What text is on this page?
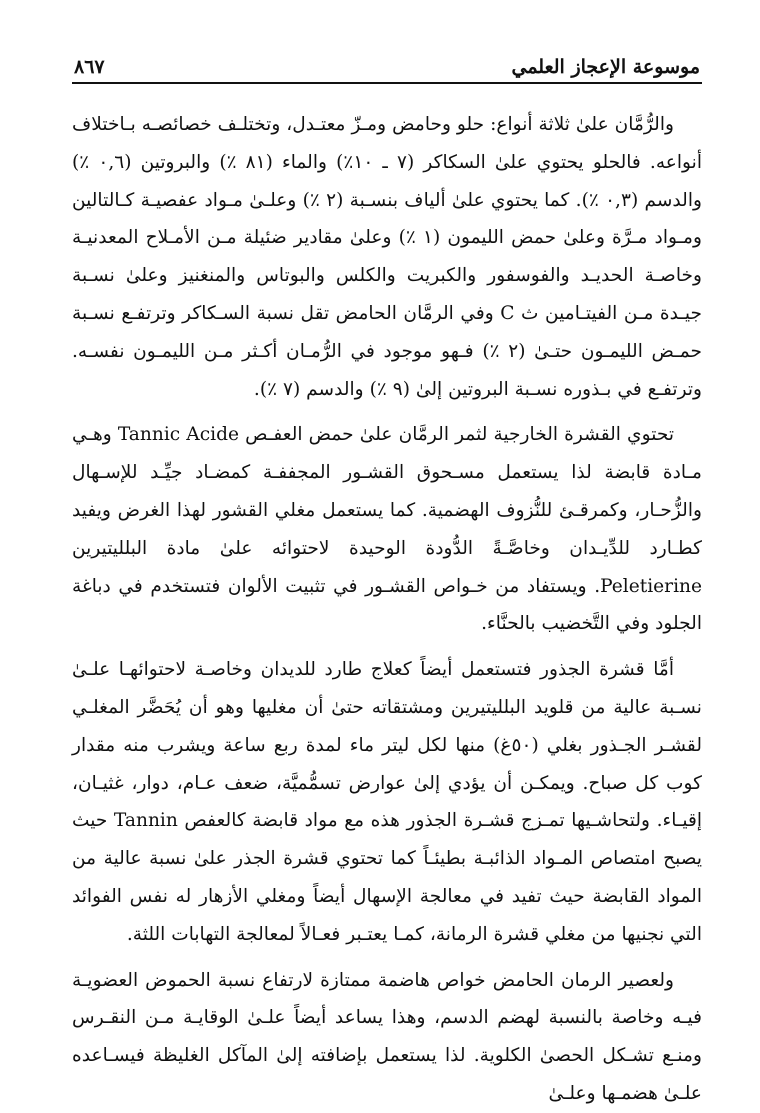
موسوعة الإعجاز العلمي
٨٦٧

والرُّمَّان علىٰ ثلاثة أنواع: حلو وحامض ومـزّ معتـدل، وتختلـف خصائصـه بـاختلاف أنواعه. فالحلو يحتوي علىٰ السكاكر (٧ ـ ١٠٪) والماء (٨١ ٪) والبروتين (٠,٦ ٪) والدسم (٠,٣ ٪). كما يحتوي علىٰ ألياف بنسـبة (٢ ٪) وعلـىٰ مـواد عفصيـة كـالتالين ومـواد مـرَّة وعلىٰ حمض الليمون (١ ٪) وعلىٰ مقادير ضئيلة مـن الأمـلاح المعدنيـة وخاصـة الحديـد والفوسفور والكبريت والكلس والبوتاس والمنغنيز وعلىٰ نسـبة جيـدة مـن الفيتـامين ث C وفي الرمَّان الحامض تقل نسبة السـكاكر وترتفـع نسـبة حمـض الليمـون حتـىٰ (٢ ٪) فـهو موجود في الرُّمـان أكـثر مـن الليمـون نفسـه. وترتفـع في بـذوره نسـبة البروتين إلىٰ (٩ ٪) والدسم (٧ ٪).

تحتوي القشرة الخارجية لثمر الرمَّان علىٰ حمض العفـص Tannic Acide وهـي مـادة قابضة لذا يستعمل مسـحوق القشـور المجففـة كمضـاد جيِّـد للإسـهال والزُّحـار، وكمرقـئ للنُّزوف الهضمية. كما يستعمل مغلي القشور لهذا الغرض ويفيد كطـارد للدِّيـدان وخاصَّـةً الدُّودة الوحيدة لاحتوائه علىٰ مادة البلليتيرين Peletierine. ويستفاد من خـواص القشـور في تثبيت الألوان فتستخدم في دباغة الجلود وفي التَّخضيب بالحنَّاء.

أمَّا قشرة الجذور فتستعمل أيضاً كعلاج طارد للديدان وخاصـة لاحتوائهـا علـىٰ نسـبة عالية من قلويد البلليتيرين ومشتقاته حتىٰ أن مغليها وهو أن يُحَضَّر المغلـي لقشـر الجـذور بغلي (٥٠غ) منها لكل ليتر ماء لمدة ربع ساعة ويشرب منه مقدار كوب كل صباح. ويمكـن أن يؤدي إلىٰ عوارض تسمُّميَّة، ضعف عـام، دوار، غثيـان، إقيـاء. ولتحاشـيها تمـزج قشـرة الجذور هذه مع مواد قابضة كالعفص Tannin حيث يصبح امتصاص المـواد الذائبـة بطيئـاً كما تحتوي قشرة الجذر علىٰ نسبة عالية من المواد القابضة حيث تفيد في معالجة الإسهال أيضاً ومغلي الأزهار له نفس الفوائد التي نجنيها من مغلي قشرة الرمانة، كمـا يعتـبر فعـالاً لمعالجة التهابات اللثة.

ولعصير الرمان الحامض خواص هاضمة ممتازة لارتفاع نسبة الحموض العضويـة فيـه وخاصة بالنسبة لهضم الدسم، وهذا يساعد أيضاً علـىٰ الوقايـة مـن النقـرس ومنـع تشـكل الحصىٰ الكلوية. لذا يستعمل بإضافته إلىٰ المآكل الغليظة فيسـاعده علـىٰ هضمـها وعلـىٰ
